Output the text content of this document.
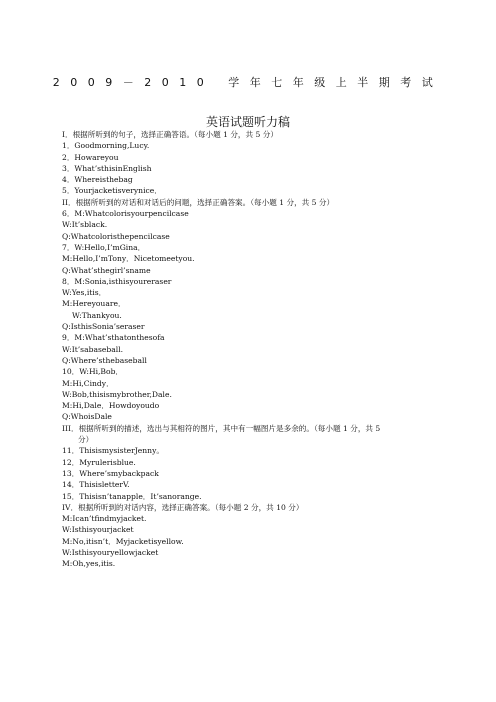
2009－2010 学年七年级上半期考试
英语试题听力稿
I．根据所听到的句子，选择正确答语。（每小题 1 分，共 5 分）
1．Goodmorning,Lucy.
2．Howareyou
3．What’sthisinEnglish
4．Whereisthebag
5．Yourjacketisverynice．
II．根据所听到的对话和对话后的问题，选择正确答案。（每小题 1 分，共 5 分）
6．M:Whatcolorisyourpencilcase
W:It’sblack.
Q:Whatcoloristhepencilcase
7．W:Hello,I’mGina．
M:Hello,I’mTony．Nicetomeetyou.
Q:What’sthegirl’sname
8．M:Sonia,isthisyoureraser
W:Yes,itis．
M:Hereyouare．
W:Thankyou.
Q:IsthisSonia’seraser
9．M:What’sthatonthesofa
W:It’sabaseball.
Q:Where’sthebaseball
10．W:Hi,Bob．
M:Hi,Cindy．
W:Bob,thisismybrother,Dale.
M:Hi,Dale．Howdoyoudo
Q:WhoisDale
III．根据所听到的描述，选出与其相符的图片，其中有一幅图片是多余的。（每小题 1 分，共 5
分）
11．ThisismysisterJenny。
12．Myrulerisblue.
13．Where’smybackpack
14．ThisisletterV.
15．Thisisn’tanapple．It’sanorange.
IV．根据所听到的对话内容，选择正确答案。（每小题 2 分，共 10 分）
M:Ican’tfindmyjacket.
W:Isthisyourjacket
M:No,itisn’t．Myjacketisyellow.
W:Isthisyouryellowjacket
M:Oh,yes,itis.
